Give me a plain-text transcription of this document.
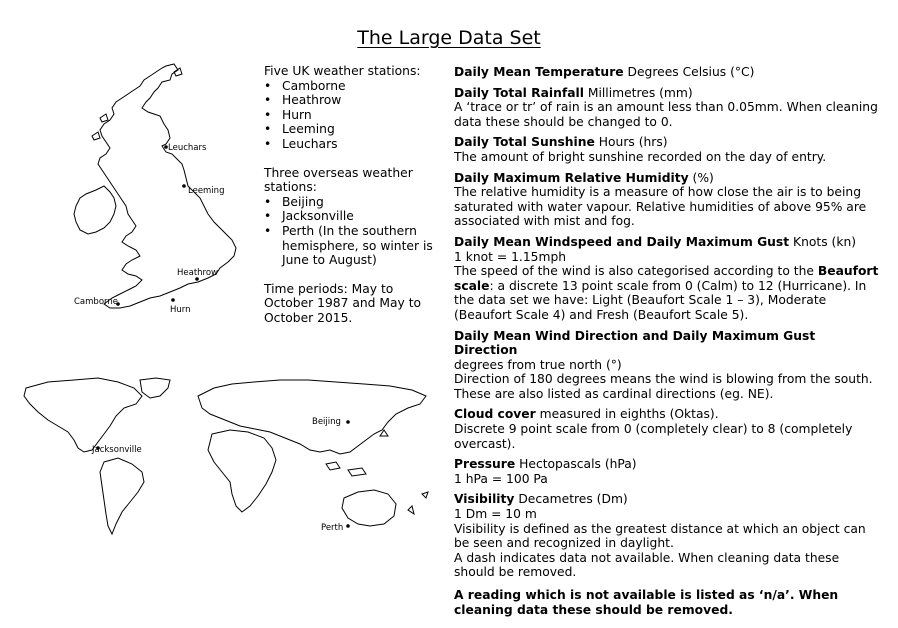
The Large Data Set
Leuchars
Leeming
Heathrow
Camborne
Hurn

Five UK weather stations:

• Camborne
• Heathrow
• Hurn
• Leeming
• Leuchars

Three overseas weather
stations:

• Beijing
• Jacksonville
• Perth (In the southern hemisphere, so winter is June to August)

Time periods: May to October 1987 and May to October 2015.

Beijing
Jacksonville
Perth
Daily Mean Temperature Degrees Celsius (°C)
Daily Total Rainfall Millimetres (mm)
A ‘trace or tr’ of rain is an amount less than 0.05mm. When cleaning data these should be changed to 0.
Daily Total Sunshine Hours (hrs)
The amount of bright sunshine recorded on the day of entry.
Daily Maximum Relative Humidity (%)
The relative humidity is a measure of how close the air is to being saturated with water vapour. Relative humidities of above 95% are associated with mist and fog.
Daily Mean Windspeed and Daily Maximum Gust Knots (kn)
1 knot = 1.15mph
The speed of the wind is also categorised according to the Beaufort scale: a discrete 13 point scale from 0 (Calm) to 12 (Hurricane). In the data set we have: Light (Beaufort Scale 1 – 3), Moderate (Beaufort Scale 4) and Fresh (Beaufort Scale 5).
Daily Mean Wind Direction and Daily Maximum Gust Direction
degrees from true north (°)
Direction of 180 degrees means the wind is blowing from the south. These are also listed as cardinal directions (eg. NE).
Cloud cover measured in eighths (Oktas).
Discrete 9 point scale from 0 (completely clear) to 8 (completely overcast).
Pressure Hectopascals (hPa)
1 hPa = 100 Pa
Visibility Decametres (Dm)
1 Dm = 10 m
Visibility is defined as the greatest distance at which an object can be seen and recognized in daylight.
A dash indicates data not available. When cleaning data these should be removed.
A reading which is not available is listed as ‘n/a’. When cleaning data these should be removed.
